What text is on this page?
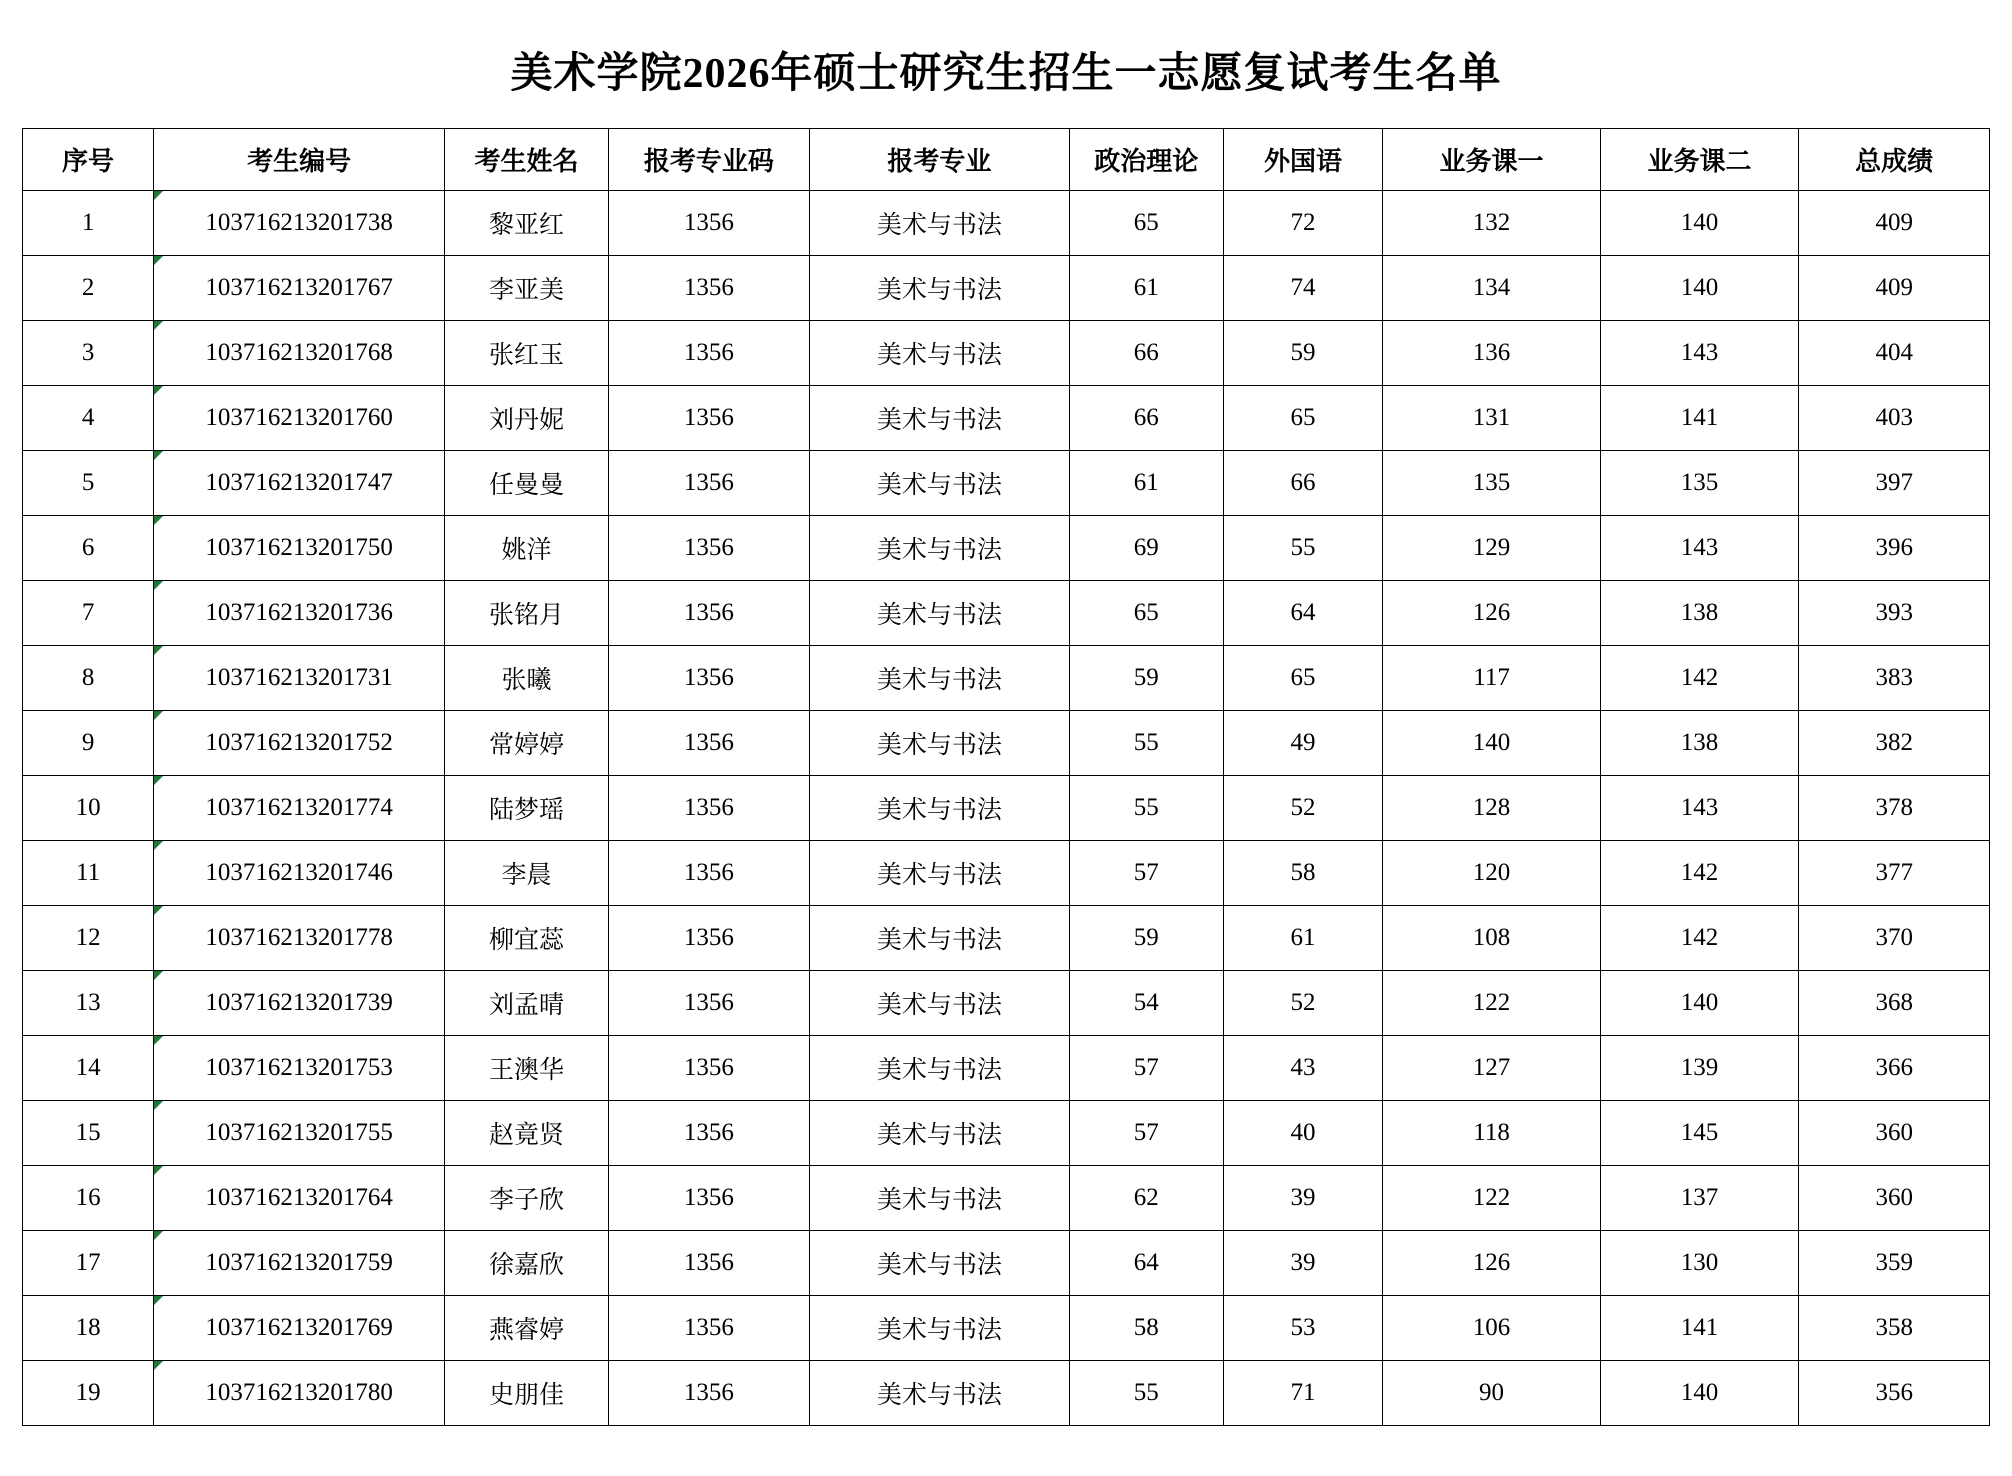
美术学院2026年硕士研究生招生一志愿复试考生名单
序号	考生编号	考生姓名	报考专业码	报考专业	政治理论	外国语	业务课一	业务课二	总成绩
1	103716213201738	黎亚红	1356	美术与书法	65	72	132	140	409
2	103716213201767	李亚美	1356	美术与书法	61	74	134	140	409
3	103716213201768	张红玉	1356	美术与书法	66	59	136	143	404
4	103716213201760	刘丹妮	1356	美术与书法	66	65	131	141	403
5	103716213201747	任曼曼	1356	美术与书法	61	66	135	135	397
6	103716213201750	姚洋	1356	美术与书法	69	55	129	143	396
7	103716213201736	张铭月	1356	美术与书法	65	64	126	138	393
8	103716213201731	张曦	1356	美术与书法	59	65	117	142	383
9	103716213201752	常婷婷	1356	美术与书法	55	49	140	138	382
10	103716213201774	陆梦瑶	1356	美术与书法	55	52	128	143	378
11	103716213201746	李晨	1356	美术与书法	57	58	120	142	377
12	103716213201778	柳宜蕊	1356	美术与书法	59	61	108	142	370
13	103716213201739	刘孟晴	1356	美术与书法	54	52	122	140	368
14	103716213201753	王澳华	1356	美术与书法	57	43	127	139	366
15	103716213201755	赵竟贤	1356	美术与书法	57	40	118	145	360
16	103716213201764	李子欣	1356	美术与书法	62	39	122	137	360
17	103716213201759	徐嘉欣	1356	美术与书法	64	39	126	130	359
18	103716213201769	燕睿婷	1356	美术与书法	58	53	106	141	358
19	103716213201780	史朋佳	1356	美术与书法	55	71	90	140	356
